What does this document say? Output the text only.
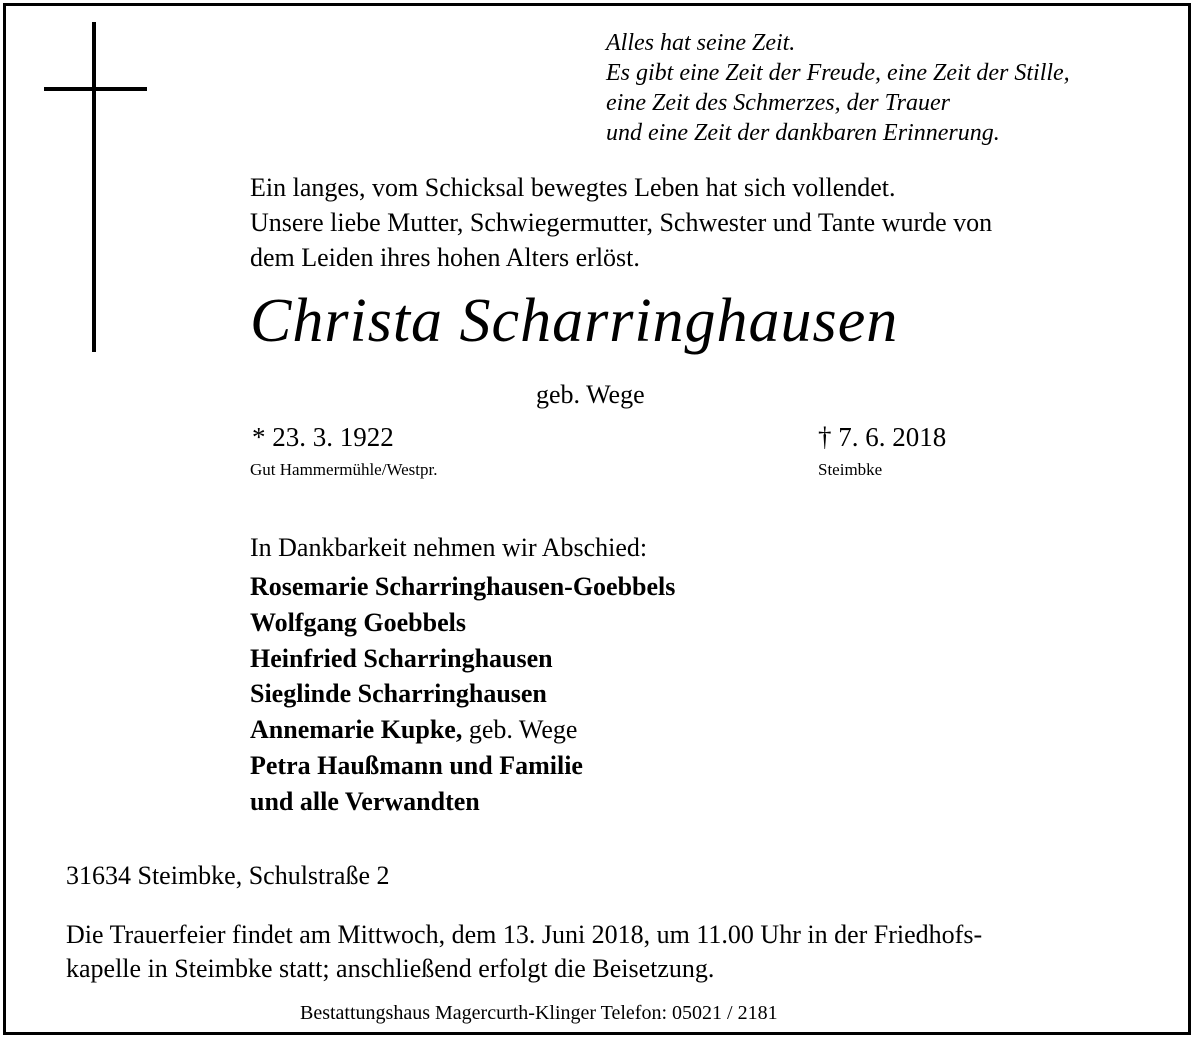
Alles hat seine Zeit.
Es gibt eine Zeit der Freude, eine Zeit der Stille,
eine Zeit des Schmerzes, der Trauer
und eine Zeit der dankbaren Erinnerung.
Ein langes, vom Schicksal bewegtes Leben hat sich vollendet.
Unsere liebe Mutter, Schwiegermutter, Schwester und Tante wurde von
dem Leiden ihres hohen Alters erlöst.
Christa Scharringhausen
geb. Wege
* 23. 3. 1922
Gut Hammermühle/Westpr.
† 7. 6. 2018
Steimbke
In Dankbarkeit nehmen wir Abschied:
Rosemarie Scharringhausen-Goebbels
Wolfgang Goebbels
Heinfried Scharringhausen
Sieglinde Scharringhausen
Annemarie Kupke, geb. Wege
Petra Haußmann und Familie
und alle Verwandten
31634 Steimbke, Schulstraße 2
Die Trauerfeier findet am Mittwoch, dem 13. Juni 2018, um 11.00 Uhr in der Friedhofs-
kapelle in Steimbke statt; anschließend erfolgt die Beisetzung.
Bestattungshaus Magercurth-Klinger Telefon: 05021 / 2181
